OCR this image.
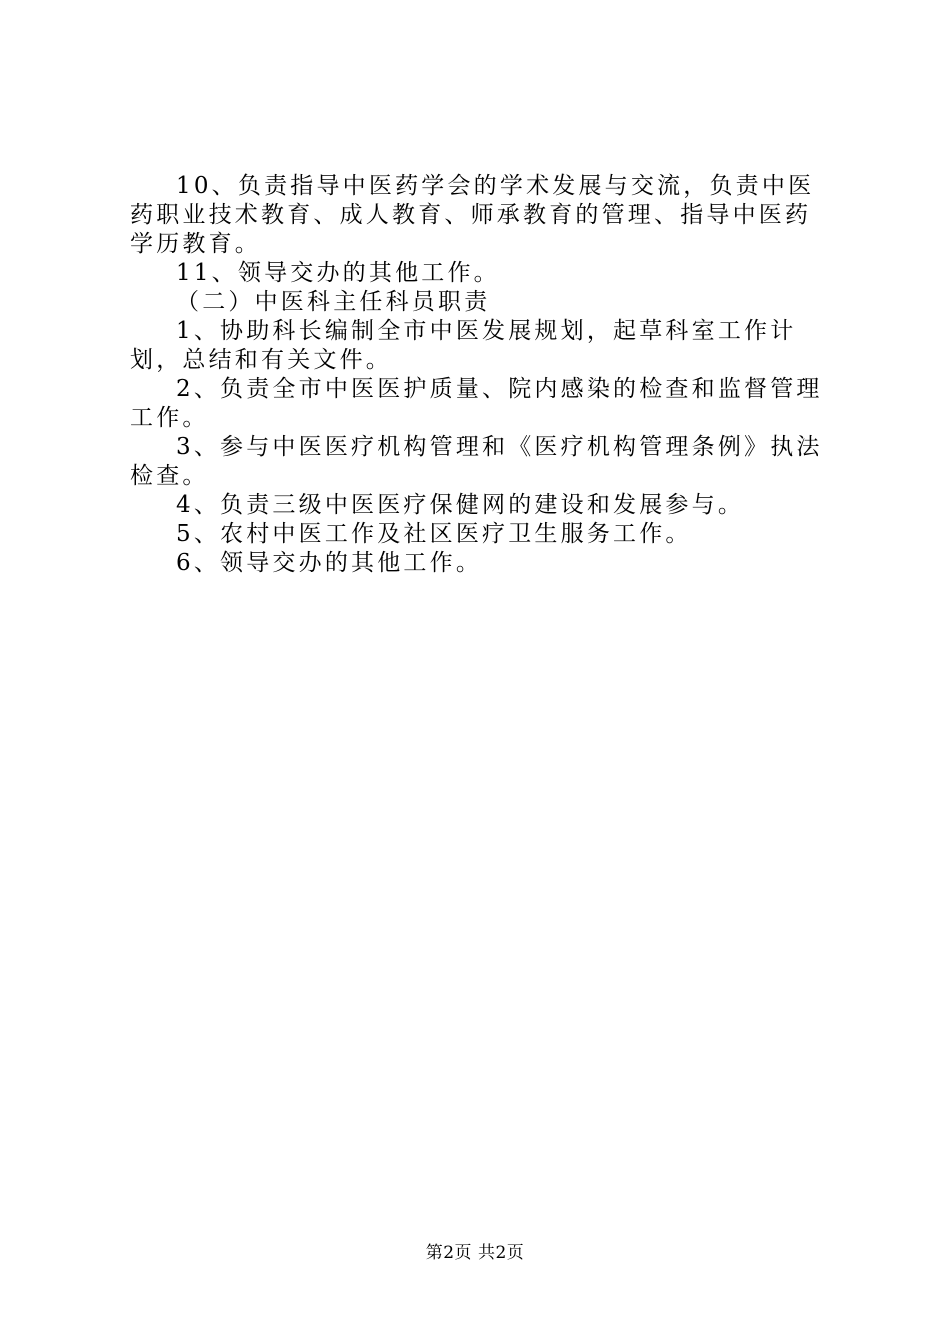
10、负责指导中医药学会的学术发展与交流，负责中医药职业技术教育、成人教育、师承教育的管理、指导中医药学历教育。

11、领导交办的其他工作。

（二）中医科主任科员职责

1、协助科长编制全市中医发展规划，起草科室工作计划，总结和有关文件。

2、负责全市中医医护质量、院内感染的检查和监督管理工作。

3、参与中医医疗机构管理和《医疗机构管理条例》执法检查。

4、负责三级中医医疗保健网的建设和发展参与。

5、农村中医工作及社区医疗卫生服务工作。

6、领导交办的其他工作。

第2页 共2页
